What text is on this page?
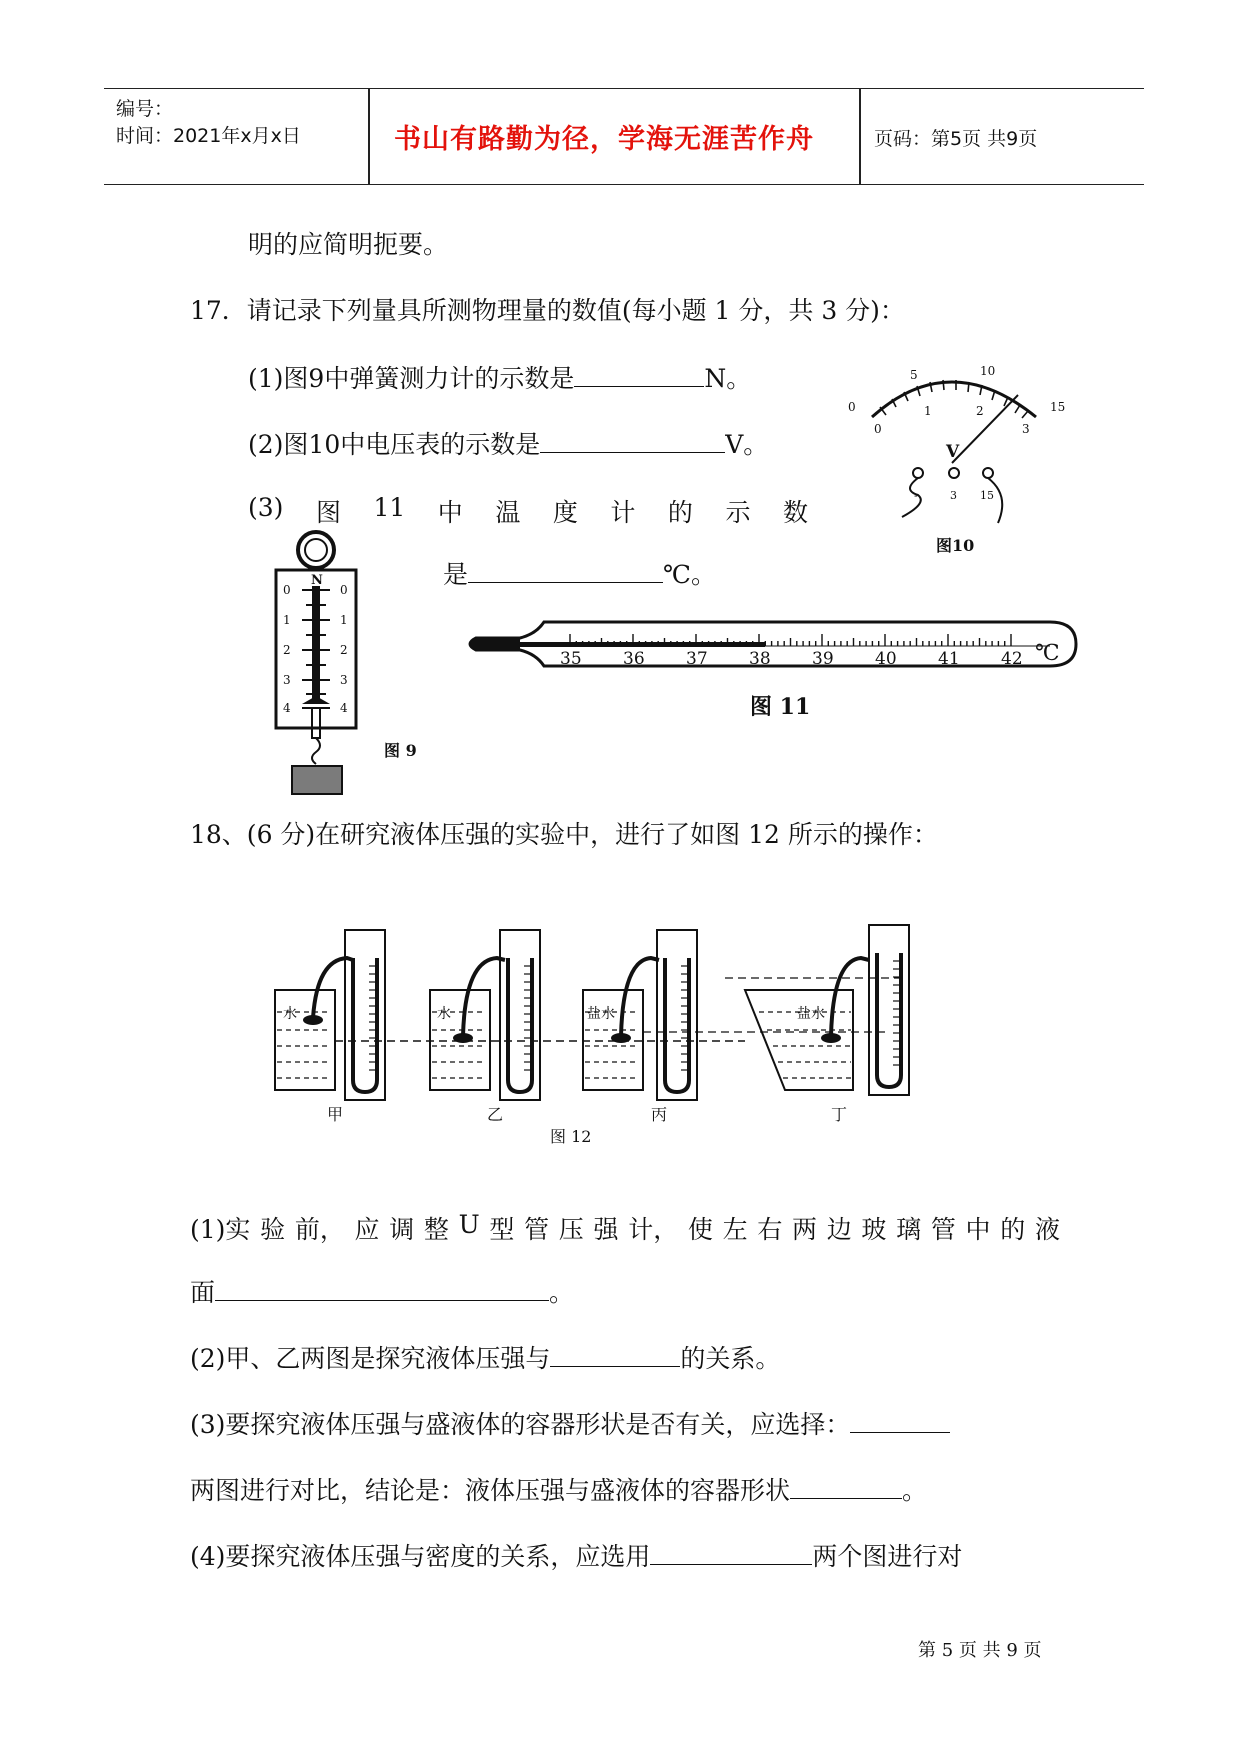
编号：
时间：2021年x月x日	书山有路勤为径，学海无涯苦作舟	页码：第5页 共9页
明的应简明扼要。
17．请记录下列量具所测物理量的数值(每小题 1 分，共 3 分)：
(1)图9中弹簧测力计的示数是	N。
(2)图10中电压表的示数是	V。
(3) 图 11 中 温 度 计 的 示 数
是	℃。
N
0
1
2
3
4
0
1
2
3
4
图 9
0
5	10
15
0
1	2
3
V
-	3 15
图10
35 36 37 38 39 40 41 42 ℃
图 11
18、(6 分)在研究液体压强的实验中，进行了如图 12 所示的操作：
水
甲
水
乙
盐水
丙
盐水
丁
图 12
(1)实 验 前， 应 调 整 U 型 管 压 强 计， 使 左 右 两 边 玻 璃 管 中 的 液
面	。
(2)甲、乙两图是探究液体压强与	的关系。
(3)要探究液体压强与盛液体的容器形状是否有关，应选择：
两图进行对比，结论是：液体压强与盛液体的容器形状	。
(4)要探究液体压强与密度的关系，应选用	两个图进行对
第 5 页 共 9 页
